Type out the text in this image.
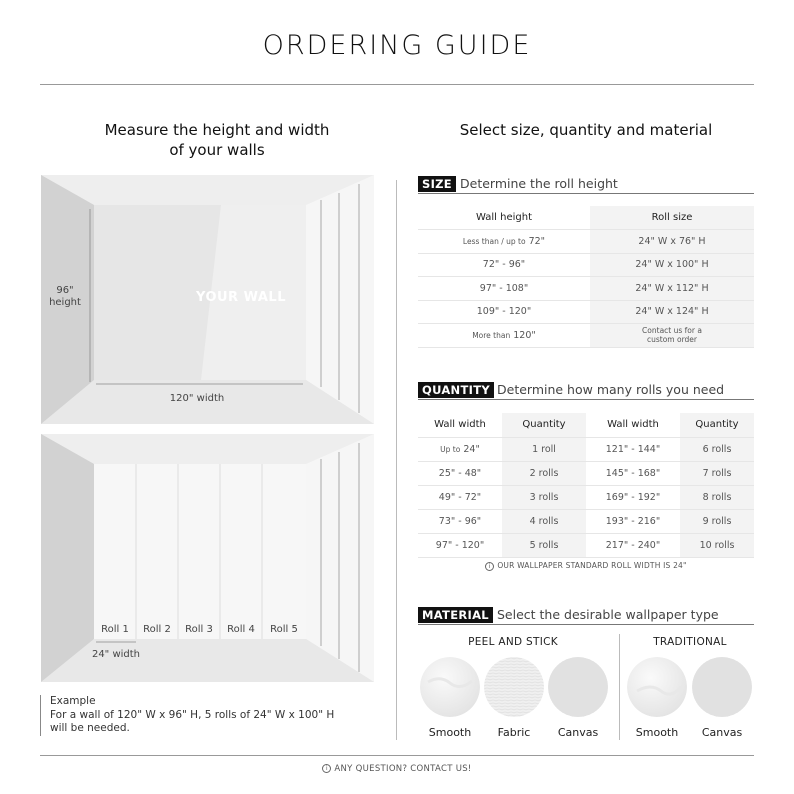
ORDERING GUIDE
Measure the height and width
of your walls
96"
height	YOUR WALL
120" width
Roll 1	Roll 2	Roll 3	Roll 4	Roll 5
24" width
Example
For a wall of 120" W x 96" H, 5 rolls of 24" W x 100" H
will be needed.
Select size, quantity and material
SIZE Determine the roll height
Wall height	Roll size
Less than / up to 72"	24" W x 76" H
72" - 96"	24" W x 100" H
97" - 108"	24" W x 112" H
109" - 120"	24" W x 124" H
More than 120"	Contact us for a
custom order
QUANTITY Determine how many rolls you need
Wall width	Quantity	Wall width	Quantity
Up to 24"	1 roll	121" - 144"	6 rolls
25" - 48"	2 rolls	145" - 168"	7 rolls
49" - 72"	3 rolls	169" - 192"	8 rolls
73" - 96"	4 rolls	193" - 216"	9 rolls
97" - 120"	5 rolls	217" - 240"	10 rolls
i OUR WALLPAPER STANDARD ROLL WIDTH IS 24"
MATERIAL Select the desirable wallpaper type
PEEL AND STICK	TRADITIONAL
Smooth	Fabric	Canvas	Smooth	Canvas
i ANY QUESTION? CONTACT US!
